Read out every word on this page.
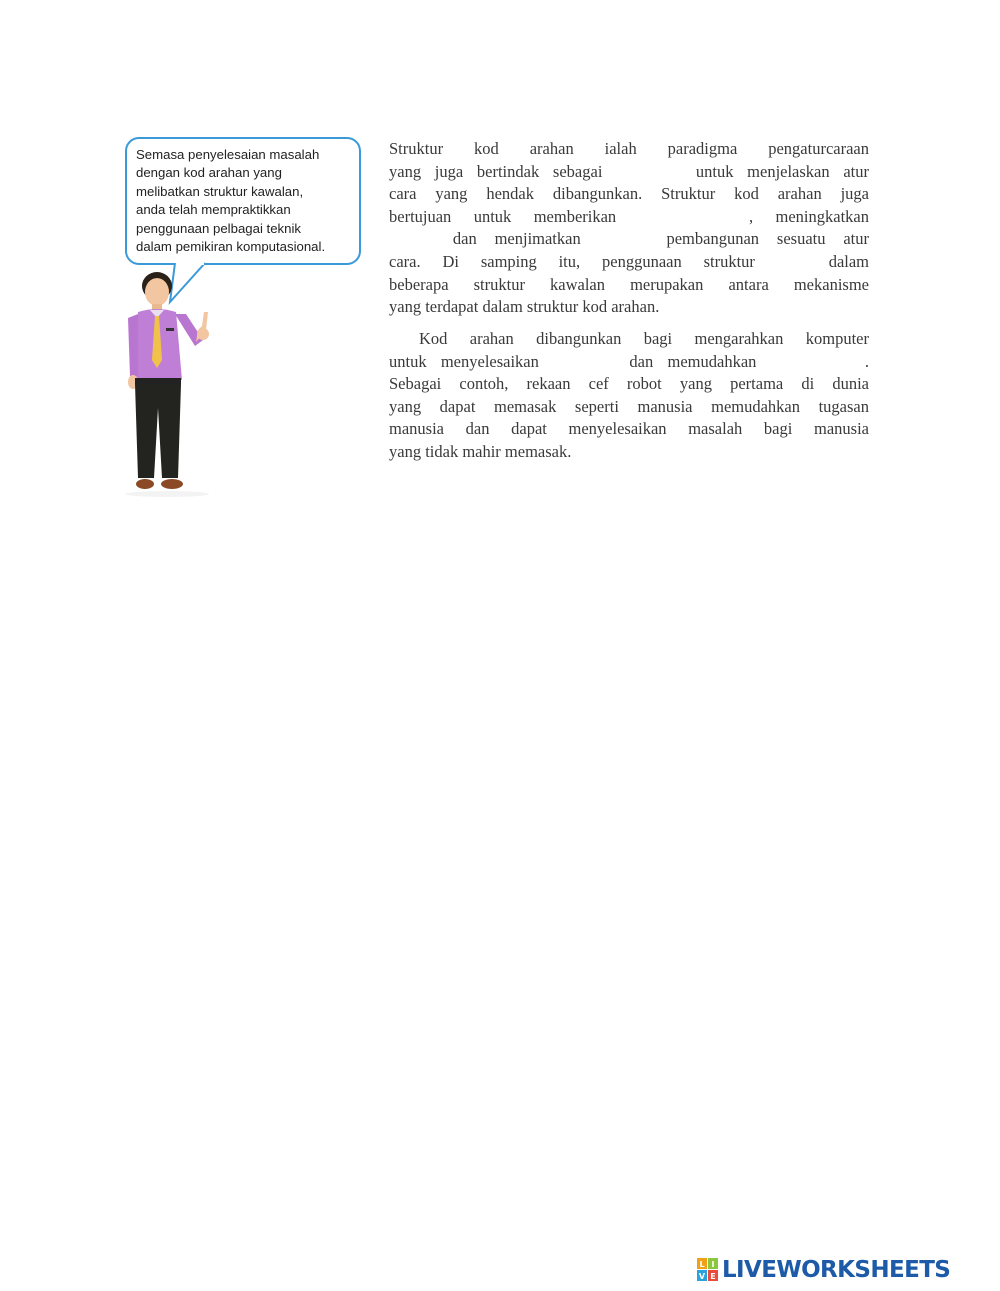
Semasa penyelesaian masalah
dengan kod arahan yang
melibatkan struktur kawalan,
anda telah mempraktikkan
penggunaan pelbagai teknik
dalam pemikiran komputasional.
Struktur kod arahan ialah paradigma pengaturcaraan
yang juga bertindak sebagai	untuk menjelaskan atur
cara yang hendak dibangunkan. Struktur kod arahan juga
bertujuan untuk memberikan	, meningkatkan
dan menjimatkan	pembangunan sesuatu atur
cara. Di samping itu, penggunaan struktur	dalam
beberapa struktur kawalan merupakan antara mekanisme
yang terdapat dalam struktur kod arahan.
Kod arahan dibangunkan bagi mengarahkan komputer
untuk menyelesaikan	dan memudahkan	.
Sebagai contoh, rekaan cef robot yang pertama di dunia
yang dapat memasak seperti manusia memudahkan tugasan
manusia dan dapat menyelesaikan masalah bagi manusia
yang tidak mahir memasak.
L I
V E LIVEWORKSHEETS
